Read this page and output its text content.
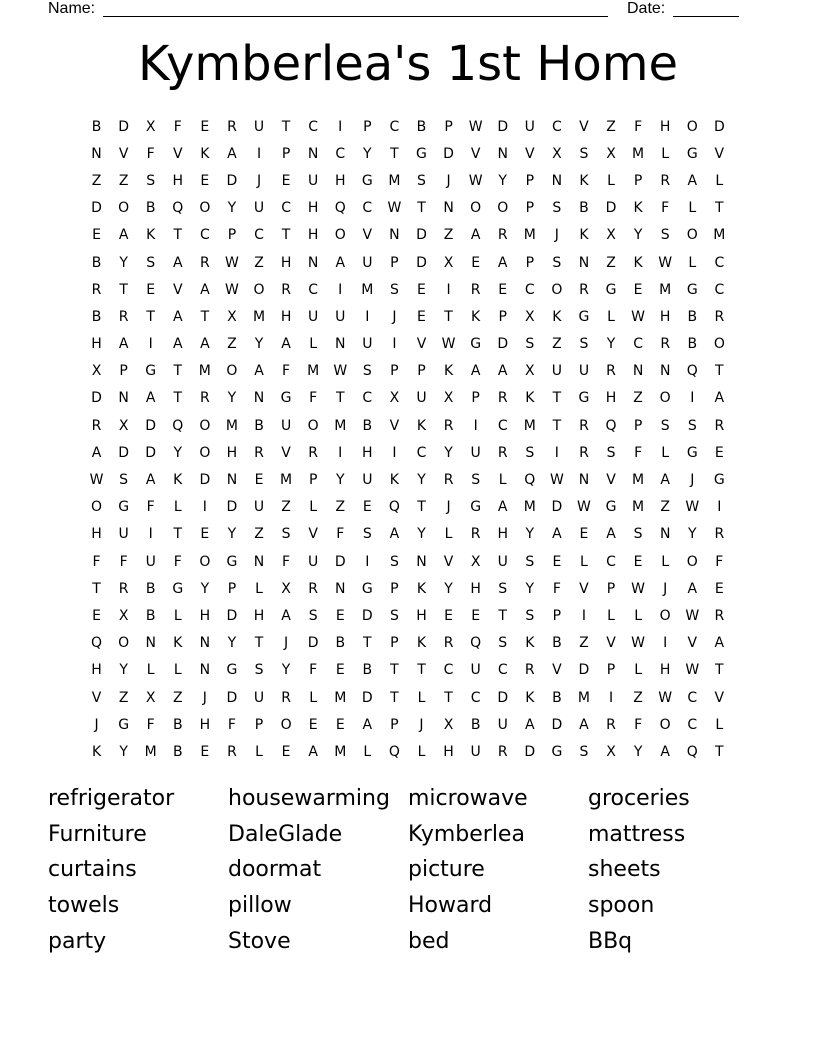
Name:	Date:
Kymberlea's 1st Home
B	D	X	F	E	R	U	T	C	I	P	C	B	P	W	D	U	C	V	Z	F	H	O	D
N	V	F	V	K	A	I	P	N	C	Y	T	G	D	V	N	V	X	S	X	M	L	G	V
Z	Z	S	H	E	D	J	E	U	H	G	M	S	J	W	Y	P	N	K	L	P	R	A	L
D	O	B	Q	O	Y	U	C	H	Q	C	W	T	N	O	O	P	S	B	D	K	F	L	T
E	A	K	T	C	P	C	T	H	O	V	N	D	Z	A	R	M	J	K	X	Y	S	O	M
B	Y	S	A	R	W	Z	H	N	A	U	P	D	X	E	A	P	S	N	Z	K	W	L	C
R	T	E	V	A	W	O	R	C	I	M	S	E	I	R	E	C	O	R	G	E	M	G	C
B	R	T	A	T	X	M	H	U	U	I	J	E	T	K	P	X	K	G	L	W	H	B	R
H	A	I	A	A	Z	Y	A	L	N	U	I	V	W	G	D	S	Z	S	Y	C	R	B	O
X	P	G	T	M	O	A	F	M	W	S	P	P	K	A	A	X	U	U	R	N	N	Q	T
D	N	A	T	R	Y	N	G	F	T	C	X	U	X	P	R	K	T	G	H	Z	O	I	A
R	X	D	Q	O	M	B	U	O	M	B	V	K	R	I	C	M	T	R	Q	P	S	S	R
A	D	D	Y	O	H	R	V	R	I	H	I	C	Y	U	R	S	I	R	S	F	L	G	E
W	S	A	K	D	N	E	M	P	Y	U	K	Y	R	S	L	Q	W	N	V	M	A	J	G
O	G	F	L	I	D	U	Z	L	Z	E	Q	T	J	G	A	M	D	W	G	M	Z	W	I
H	U	I	T	E	Y	Z	S	V	F	S	A	Y	L	R	H	Y	A	E	A	S	N	Y	R
F	F	U	F	O	G	N	F	U	D	I	S	N	V	X	U	S	E	L	C	E	L	O	F
T	R	B	G	Y	P	L	X	R	N	G	P	K	Y	H	S	Y	F	V	P	W	J	A	E
E	X	B	L	H	D	H	A	S	E	D	S	H	E	E	T	S	P	I	L	L	O	W	R
Q	O	N	K	N	Y	T	J	D	B	T	P	K	R	Q	S	K	B	Z	V	W	I	V	A
H	Y	L	L	N	G	S	Y	F	E	B	T	T	C	U	C	R	V	D	P	L	H	W	T
V	Z	X	Z	J	D	U	R	L	M	D	T	L	T	C	D	K	B	M	I	Z	W	C	V
J	G	F	B	H	F	P	O	E	E	A	P	J	X	B	U	A	D	A	R	F	O	C	L
K	Y	M	B	E	R	L	E	A	M	L	Q	L	H	U	R	D	G	S	X	Y	A	Q	T
refrigerator	housewarming microwave	groceries
Furniture	DaleGlade	Kymberlea	mattress
curtains	doormat	picture	sheets
towels	pillow	Howard	spoon
party	Stove	bed	BBq
